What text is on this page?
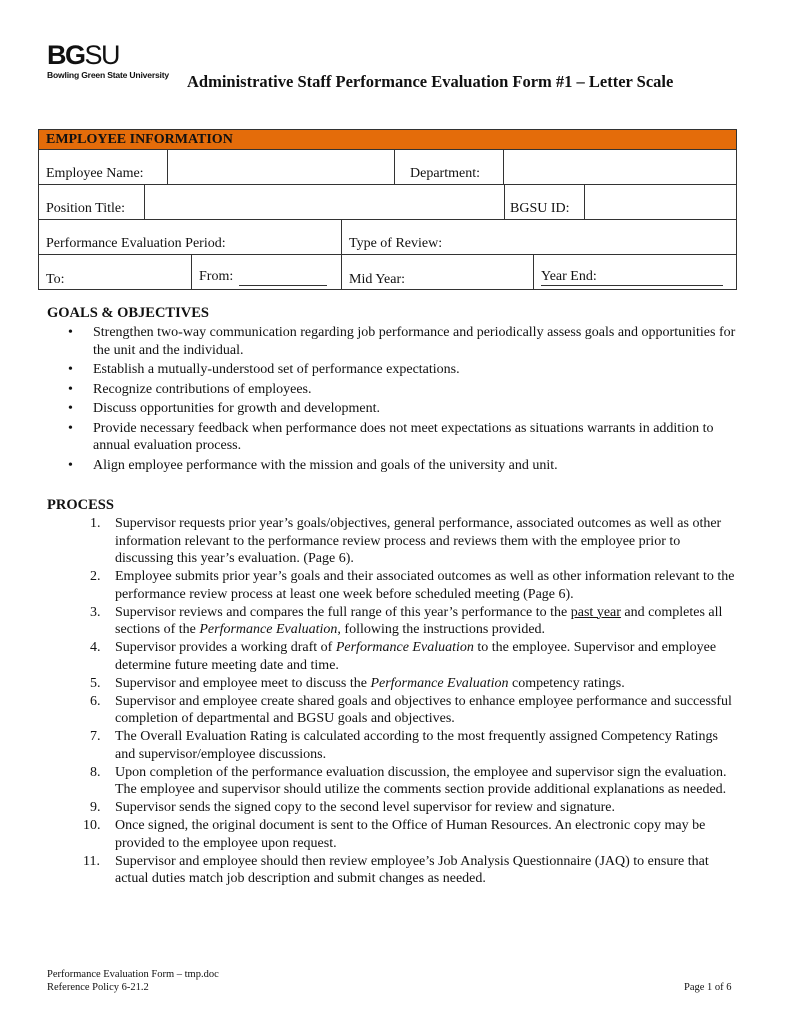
BGSU
Bowling Green State University Administrative Staff Performance Evaluation Form #1 – Letter Scale
EMPLOYEE INFORMATION
Employee Name:	Department:
Position Title:	BGSU ID:
Performance Evaluation Period:	Type of Review:
To:	From:	Mid Year:	Year End:
GOALS & OBJECTIVES
• Strengthen two-way communication regarding job performance and periodically assess goals and opportunities for the unit and the individual.
• Establish a mutually-understood set of performance expectations.
• Recognize contributions of employees.
• Discuss opportunities for growth and development.
• Provide necessary feedback when performance does not meet expectations as situations warrants in addition to annual evaluation process.
• Align employee performance with the mission and goals of the university and unit.
PROCESS
1. Supervisor requests prior year’s goals/objectives, general performance, associated outcomes as well as other information relevant to the performance review process and reviews them with the employee prior to discussing this year’s evaluation. (Page 6).
2. Employee submits prior year’s goals and their associated outcomes as well as other information relevant to the performance review process at least one week before scheduled meeting (Page 6).
3. Supervisor reviews and compares the full range of this year’s performance to the past year and completes all sections of the Performance Evaluation, following the instructions provided.
4. Supervisor provides a working draft of Performance Evaluation to the employee. Supervisor and employee determine future meeting date and time.
5. Supervisor and employee meet to discuss the Performance Evaluation competency ratings.
6. Supervisor and employee create shared goals and objectives to enhance employee performance and successful completion of departmental and BGSU goals and objectives.
7. The Overall Evaluation Rating is calculated according to the most frequently assigned Competency Ratings and supervisor/employee discussions.
8. Upon completion of the performance evaluation discussion, the employee and supervisor sign the evaluation. The employee and supervisor should utilize the comments section provide additional explanations as needed.
9. Supervisor sends the signed copy to the second level supervisor for review and signature.
10. Once signed, the original document is sent to the Office of Human Resources. An electronic copy may be provided to the employee upon request.
11. Supervisor and employee should then review employee’s Job Analysis Questionnaire (JAQ) to ensure that actual duties match job description and submit changes as needed.
Performance Evaluation Form – tmp.doc
Reference Policy 6-21.2	Page 1 of 6
